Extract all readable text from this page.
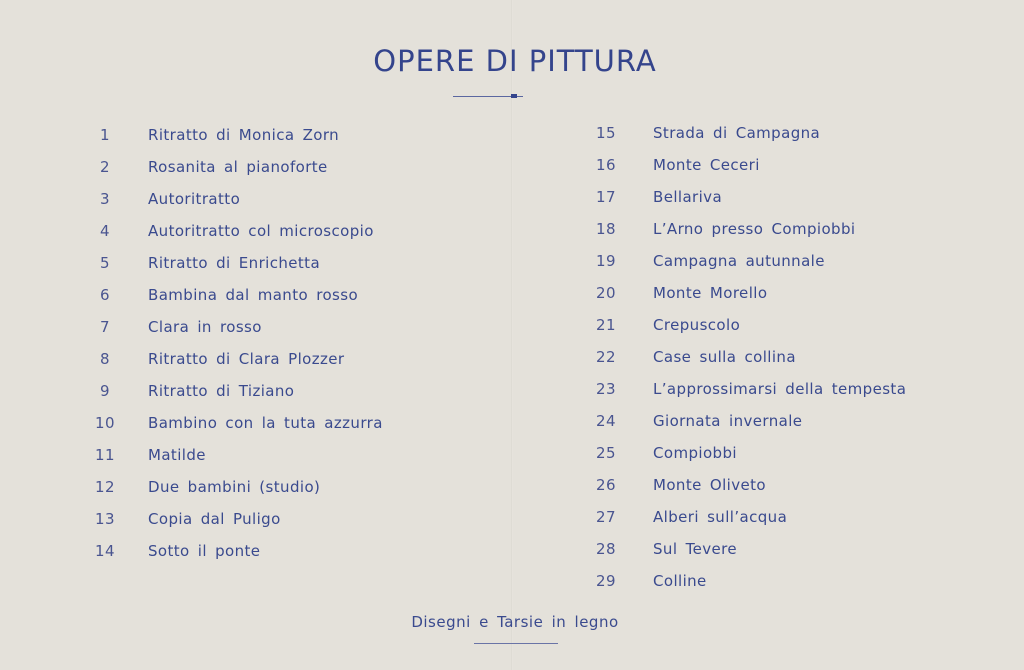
OPERE DI PITTURA
1	Ritratto di Monica Zorn
2	Rosanita al pianoforte
3	Autoritratto
4	Autoritratto col microscopio
5	Ritratto di Enrichetta
6	Bambina dal manto rosso
7	Clara in rosso
8	Ritratto di Clara Plozzer
9	Ritratto di Tiziano
10	Bambino con la tuta azzurra
11	Matilde
12	Due bambini (studio)
13	Copia dal Puligo
14	Sotto il ponte
15	Strada di Campagna
16	Monte Ceceri
17	Bellariva
18	L’Arno presso Compiobbi
19	Campagna autunnale
20	Monte Morello
21	Crepuscolo
22	Case sulla collina
23	L’approssimarsi della tempesta
24	Giornata invernale
25	Compiobbi
26	Monte Oliveto
27	Alberi sull’acqua
28	Sul Tevere
29	Colline
Disegni e Tarsie in legno
